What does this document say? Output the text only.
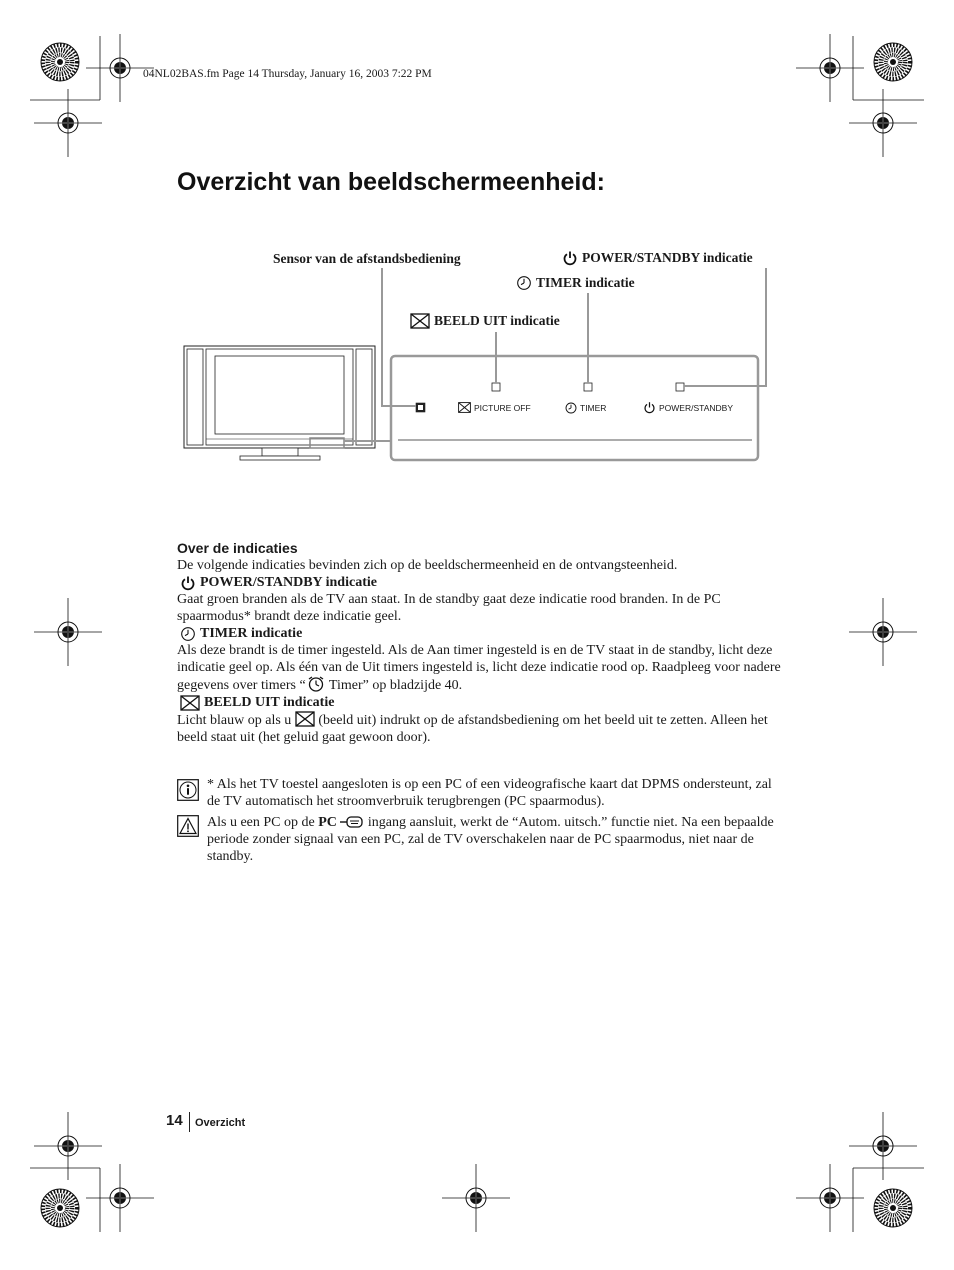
04NL02BAS.fm Page 14 Thursday, January 16, 2003 7:22 PM
Overzicht van beeldschermeenheid:
Sensor van de afstandsbediening	POWER/STANDBY indicatie
TIMER indicatie
BEELD UIT indicatie
PICTURE OFF	TIMER	POWER/STANDBY

Over de indicaties

De volgende indicaties bevinden zich op de beeldschermeenheid en de ontvangsteenheid.

POWER/STANDBY indicatie

Gaat groen branden als de TV aan staat. In de standby gaat deze indicatie rood branden. In de PC spaarmodus* brandt deze indicatie geel.

TIMER indicatie

Als deze brandt is de timer ingesteld. Als de Aan timer ingesteld is en de TV staat in de standby, licht deze indicatie geel op. Als één van de Uit timers ingesteld is, licht deze indicatie rood op. Raadpleeg voor nadere gegevens over timers “ Timer” op bladzijde 40.

BEELD UIT indicatie

Licht blauw op als u  (beeld uit) indrukt op de afstandsbediening om het beeld uit te zetten. Alleen het beeld staat uit (het geluid gaat gewoon door).

* Als het TV toestel aangesloten is op een PC of een videografische kaart dat DPMS ondersteunt, zal de TV automatisch het stroomverbruik terugbrengen (PC spaarmodus).
Als u een PC op de PC  ingang aansluit, werkt de “Autom. uitsch.” functie niet. Na een bepaalde periode zonder signaal van een PC, zal de TV overschakelen naar de PC spaarmodus, niet naar de standby.
14 Overzicht
